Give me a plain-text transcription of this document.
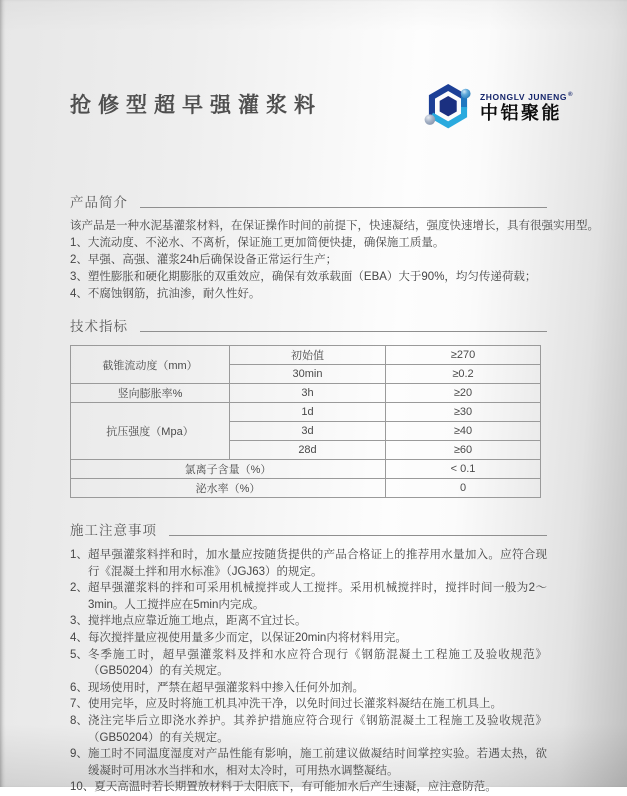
抢修型超早强灌浆料	ZHONGLV JUNENG®
中铝聚能
产品简介
该产品是一种水泥基灌浆材料，在保证操作时间的前提下，快速凝结，强度快速增长，具有很强实用型。
1、大流动度、不泌水、不离析，保证施工更加简便快捷，确保施工质量。
2、早强、高强、灌浆24h后确保设备正常运行生产；
3、塑性膨胀和硬化期膨胀的双重效应，确保有效承载面（EBA）大于90%，均匀传递荷载；
4、不腐蚀钢筋，抗油渗，耐久性好。
技术指标
截锥流动度（mm）	初始值	≥270
	30min	≥0.2
竖向膨胀率%	3h	≥20
抗压强度（Mpa）	1d	≥30
	3d	≥40
	28d	≥60
氯离子含量（%）		< 0.1
泌水率（%）		0
施工注意事项
1、 超早强灌浆料拌和时，加水量应按随货提供的产品合格证上的推荐用水量加入。应符合现行《混凝土拌和用水标准》（JGJ63）的规定。
2、 超早强灌浆料的拌和可采用机械搅拌或人工搅拌。采用机械搅拌时，搅拌时间一般为2～3min。人工搅拌应在5min内完成。
3、 搅拌地点应靠近施工地点，距离不宜过长。
4、 每次搅拌量应视使用量多少而定，以保证20min内将材料用完。
5、 冬季施工时，超早强灌浆料及拌和水应符合现行《钢筋混凝土工程施工及验收规范》（GB50204）的有关规定。
6、 现场使用时，严禁在超早强灌浆料中掺入任何外加剂。
7、 使用完毕，应及时将施工机具冲洗干净，以免时间过长灌浆料凝结在施工机具上。
8、 浇注完毕后立即浇水养护。其养护措施应符合现行《钢筋混凝土工程施工及验收规范》（GB50204）的有关规定。
9、 施工时不同温度湿度对产品性能有影响，施工前建议做凝结时间掌控实验。若遇太热，欲缓凝时可用冰水当拌和水，相对太冷时，可用热水调整凝结。
10、 夏天高温时若长期置放材料于太阳底下，有可能加水后产生速凝，应注意防范。
